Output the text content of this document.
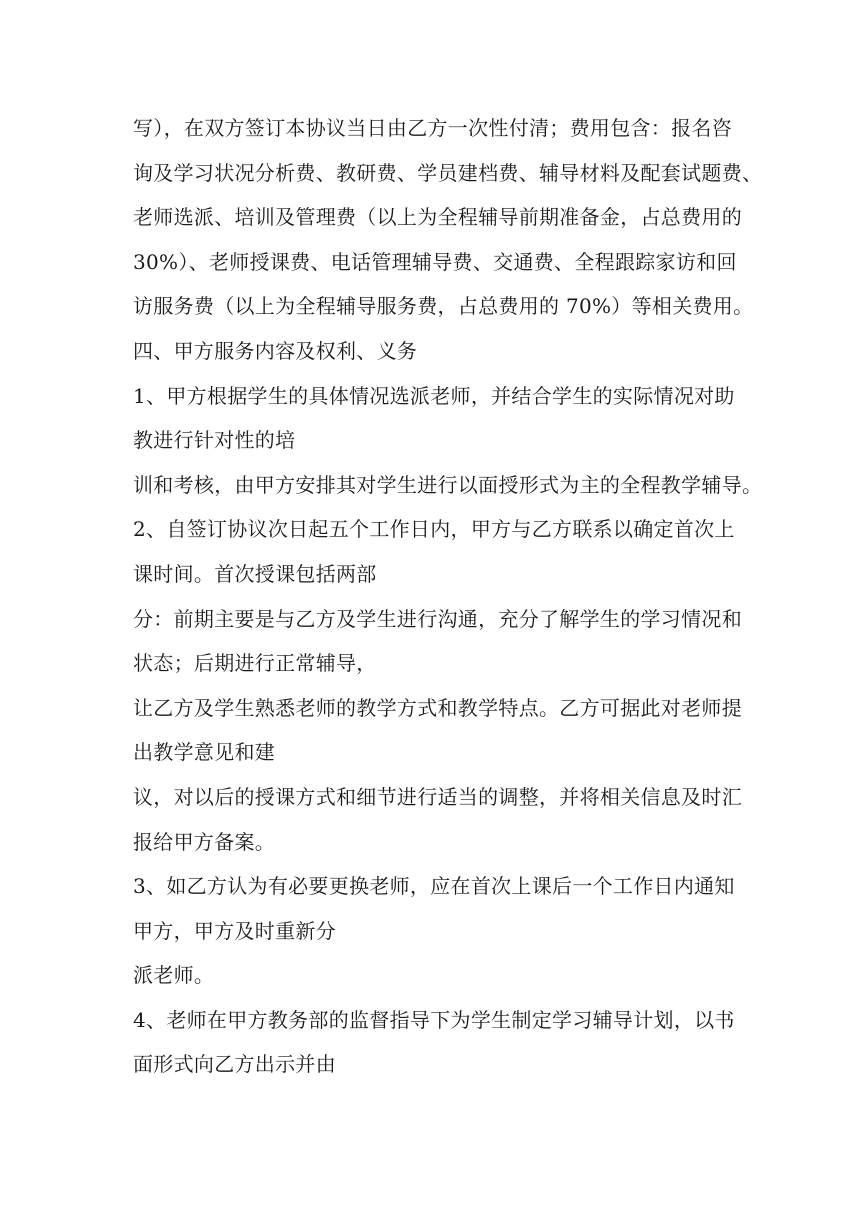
写），在双方签订本协议当日由乙方一次性付清；费用包含：报名咨
询及学习状况分析费、教研费、学员建档费、辅导材料及配套试题费、
老师选派、培训及管理费（以上为全程辅导前期准备金，占总费用的
30%）、老师授课费、电话管理辅导费、交通费、全程跟踪家访和回
访服务费（以上为全程辅导服务费，占总费用的 70%）等相关费用。
四、甲方服务内容及权利、义务
1、甲方根据学生的具体情况选派老师，并结合学生的实际情况对助
教进行针对性的培
训和考核，由甲方安排其对学生进行以面授形式为主的全程教学辅导。
2、自签订协议次日起五个工作日内，甲方与乙方联系以确定首次上
课时间。首次授课包括两部
分：前期主要是与乙方及学生进行沟通，充分了解学生的学习情况和
状态；后期进行正常辅导，
让乙方及学生熟悉老师的教学方式和教学特点。乙方可据此对老师提
出教学意见和建
议，对以后的授课方式和细节进行适当的调整，并将相关信息及时汇
报给甲方备案。
3、如乙方认为有必要更换老师，应在首次上课后一个工作日内通知
甲方，甲方及时重新分
派老师。
4、老师在甲方教务部的监督指导下为学生制定学习辅导计划，以书
面形式向乙方出示并由
